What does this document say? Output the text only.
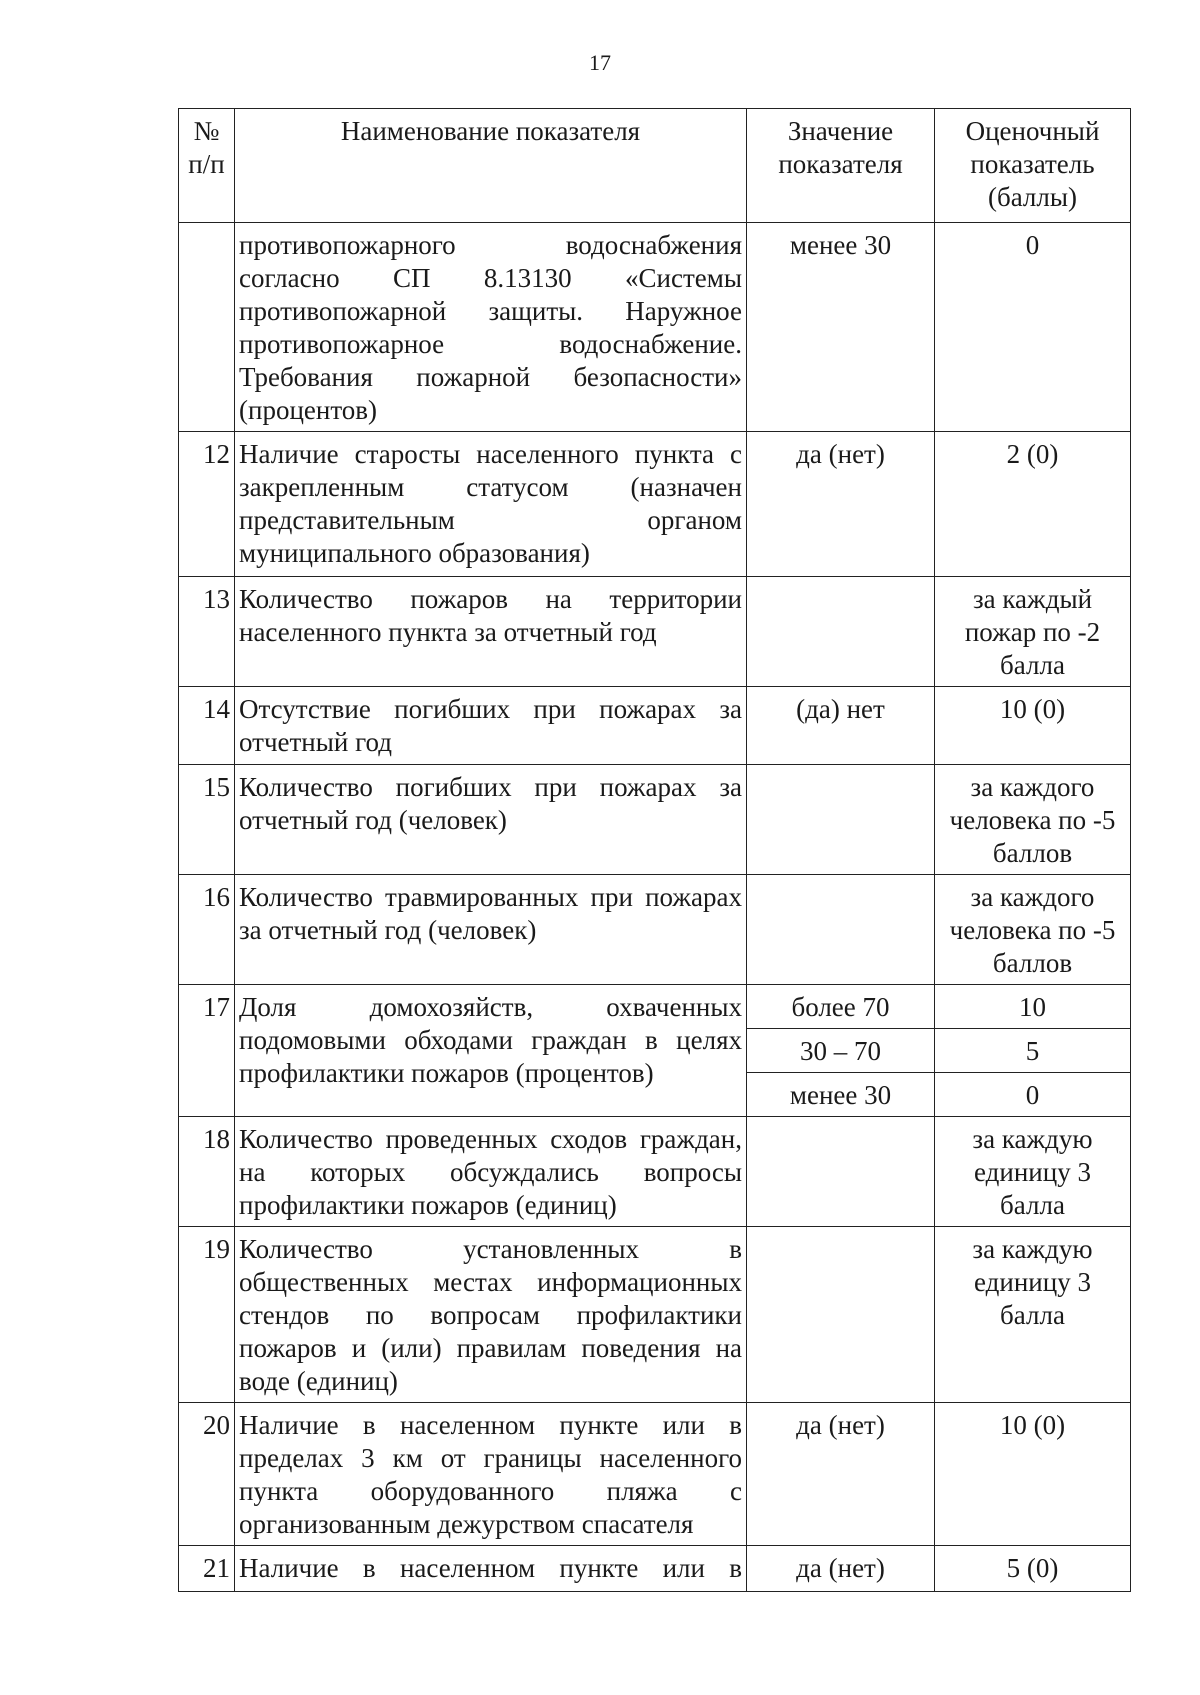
17
№ п/п	Наименование показателя	Значение показателя	Оценочный показатель (баллы)
	противопожарного водоснабжения согласно СП 8.13130 «Системы противопожарной защиты. Наружное противопожарное водоснабжение. Требования пожарной безопасности» (процентов)	менее 30	0
12	Наличие старосты населенного пункта с закрепленным статусом (назначен представительным органом муниципального образования)	да (нет)	2 (0)
13	Количество пожаров на территории населенного пункта за отчетный год		за каждый пожар по -2 балла
14	Отсутствие погибших при пожарах за отчетный год	(да) нет	10 (0)
15	Количество погибших при пожарах за отчетный год (человек)		за каждого человека по -5 баллов
16	Количество травмированных при пожарах за отчетный год (человек)		за каждого человека по -5 баллов
17	Доля домохозяйств, охваченных подомовыми обходами граждан в целях профилактики пожаров (процентов)	более 70	10
		30 – 70	5
		менее 30	0
18	Количество проведенных сходов граждан, на которых обсуждались вопросы профилактики пожаров (единиц)		за каждую единицу 3 балла
19	Количество установленных в общественных местах информационных стендов по вопросам профилактики пожаров и (или) правилам поведения на воде (единиц)		за каждую единицу 3 балла
20	Наличие в населенном пункте или в пределах 3 км от границы населенного пункта оборудованного пляжа с организованным дежурством спасателя	да (нет)	10 (0)
21	Наличие в населенном пункте или в	да (нет)	5 (0)
